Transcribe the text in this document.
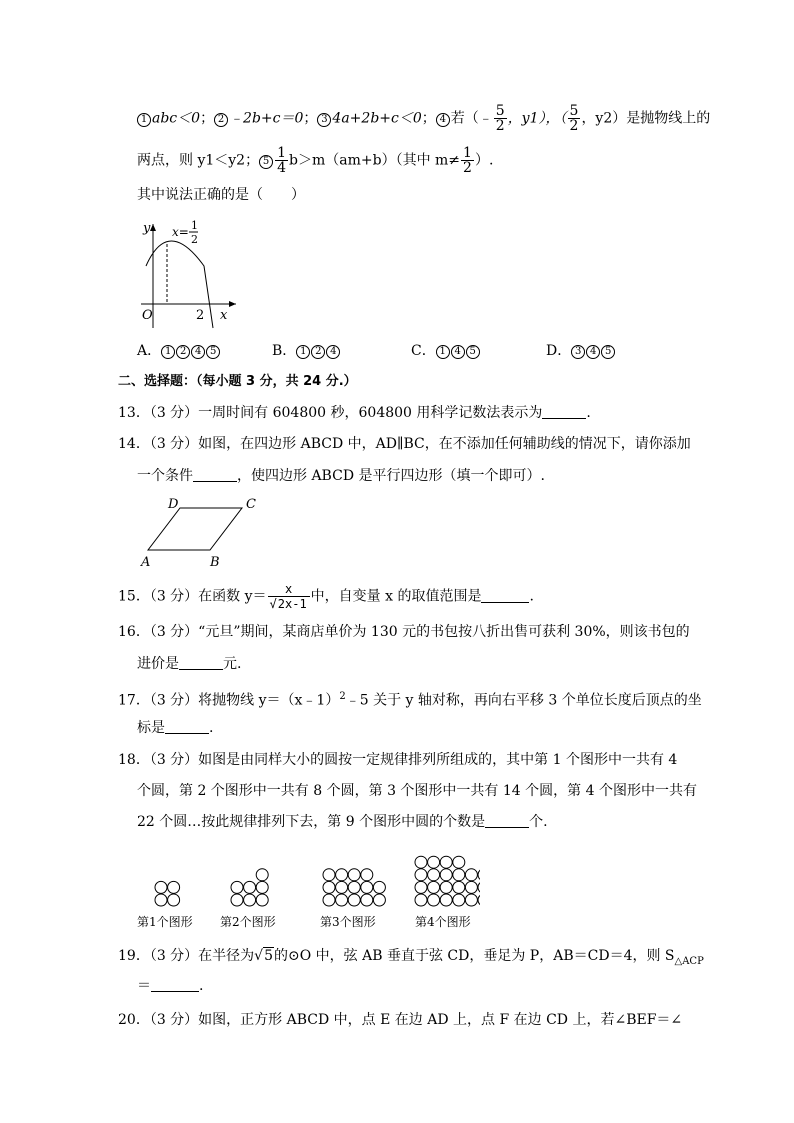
1 abc＜0； 2 ﹣2b+c＝0； 3 4a+2b+c＜0； 4 若（﹣ $\frac{5}{2}$ ，y1），（ $\frac{5}{2}$ ，y2）是抛物线上的
两点，则 y1＜y2； $5 \frac{1}{4} b>m(am+b)$（其中 $m\ne \frac{1}{2}$ ）.
其中说法正确的是（　　）
y
x
O	2
x= 1
2
A． 1 2 4 5	B． 1 2 4	C． 1 4 5	D． 3 4 5
二、选择题：（每小题 3 分，共 24 分.）
13．（3 分）一周时间有 604800 秒，604800 用科学记数法表示为	.
14．（3 分）如图，在四边形 ABCD 中，AD∥BC，在不添加任何辅助线的情况下，请你添加
一个条件	，使四边形 ABCD 是平行四边形（填一个即可）.
D	C
A	B
15．（3 分）在函数 $y= \frac{x}{√2x-1}$ 中，自变量 x 的取值范围是	.
16．（3 分）“元旦”期间，某商店单价为 130 元的书包按八折出售可获利 30%，则该书包的
进价是	元.
17．（3 分）将抛物线 y＝（x﹣1）$^2$﹣5 关于 y 轴对称，再向右平移 3 个单位长度后顶点的坐
标是	.
18．（3 分）如图是由同样大小的圆按一定规律排列所组成的，其中第 1 个图形中一共有 4
个圆，第 2 个图形中一共有 8 个圆，第 3 个图形中一共有 14 个圆，第 4 个图形中一共有
22 个圆…按此规律排列下去，第 9 个图形中圆的个数是	个.
第1个图形 第2个图形	第3个图形	第4个图形
19．（3 分）在半径为√5的⊙O 中，弦 AB 垂直于弦 CD，垂足为 P，AB＝CD＝4，则 $S_{\triangle ACP}$
＝	.
20．（3 分）如图，正方形 ABCD 中，点 E 在边 AD 上，点 F 在边 CD 上，若∠BEF＝∠
